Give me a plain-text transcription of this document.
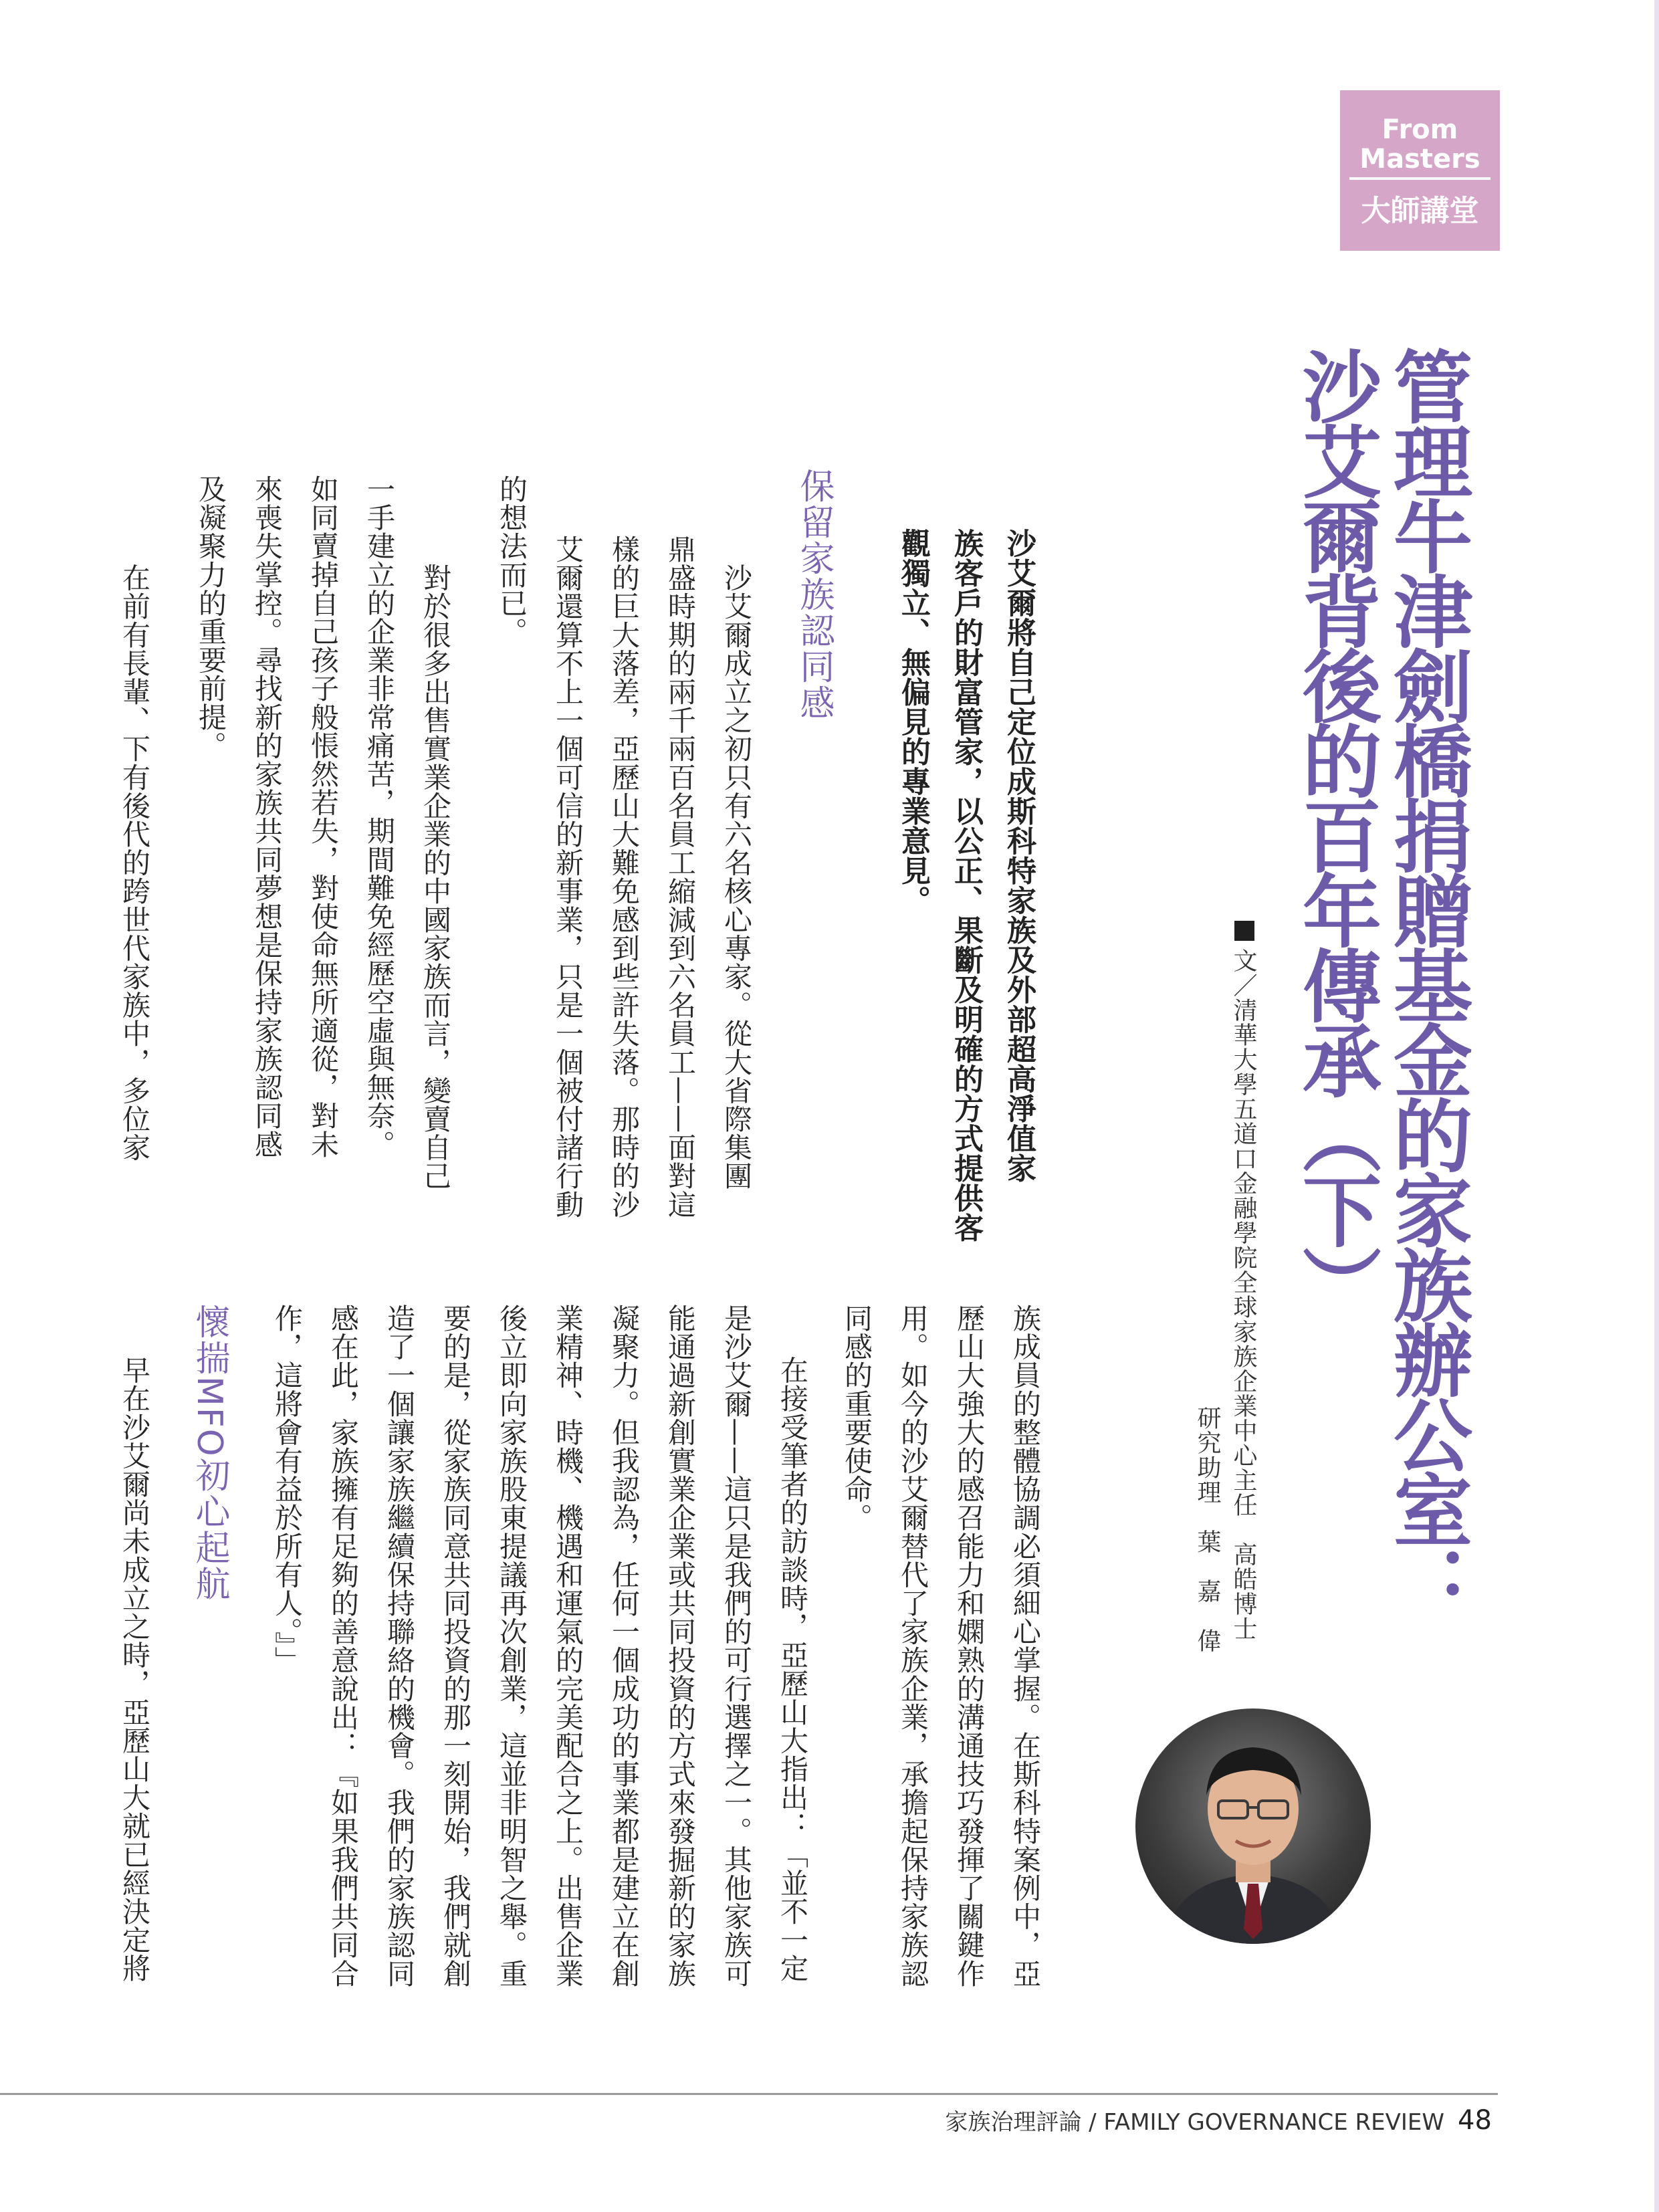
From
Masters
大師講堂
管理牛津劍橋捐贈基金的家族辦公室：
沙艾爾背後的百年傳承（下）
文／清華大學五道口金融學院全球家族企業中心主任　高皓博士
研究助理　葉　嘉　偉
沙艾爾將自己定位成斯科特家族及外部超高淨值家
族客戶的財富管家，以公正、果斷及明確的方式提供客
觀獨立、無偏見的專業意見。
保留家族認同感
　沙艾爾成立之初只有六名核心專家。從大省際集團
鼎盛時期的兩千兩百名員工縮減到六名員工——面對這
樣的巨大落差，亞歷山大難免感到些許失落。那時的沙
艾爾還算不上一個可信的新事業，只是一個被付諸行動
的想法而已。
　對於很多出售實業企業的中國家族而言，變賣自己
一手建立的企業非常痛苦，期間難免經歷空虛與無奈。
如同賣掉自己孩子般悵然若失，對使命無所適從，對未
來喪失掌控。尋找新的家族共同夢想是保持家族認同感
及凝聚力的重要前提。
　在前有長輩、下有後代的跨世代家族中，多位家
族成員的整體協調必須細心掌握。在斯科特案例中，亞
歷山大強大的感召能力和嫻熟的溝通技巧發揮了關鍵作
用。如今的沙艾爾替代了家族企業，承擔起保持家族認
同感的重要使命。
　在接受筆者的訪談時，亞歷山大指出：「並不一定
是沙艾爾——這只是我們的可行選擇之一。其他家族可
能通過新創實業企業或共同投資的方式來發掘新的家族
凝聚力。但我認為，任何一個成功的事業都是建立在創
業精神、時機、機遇和運氣的完美配合之上。出售企業
後立即向家族股東提議再次創業，這並非明智之舉。重
要的是，從家族同意共同投資的那一刻開始，我們就創
造了一個讓家族繼續保持聯絡的機會。我們的家族認同
感在此，家族擁有足夠的善意說出：『如果我們共同合
作，這將會有益於所有人。』」
懷揣MFO初心起航
　早在沙艾爾尚未成立之時，亞歷山大就已經決定將
家族治理評論 / FAMILY GOVERNANCE REVIEW 48
